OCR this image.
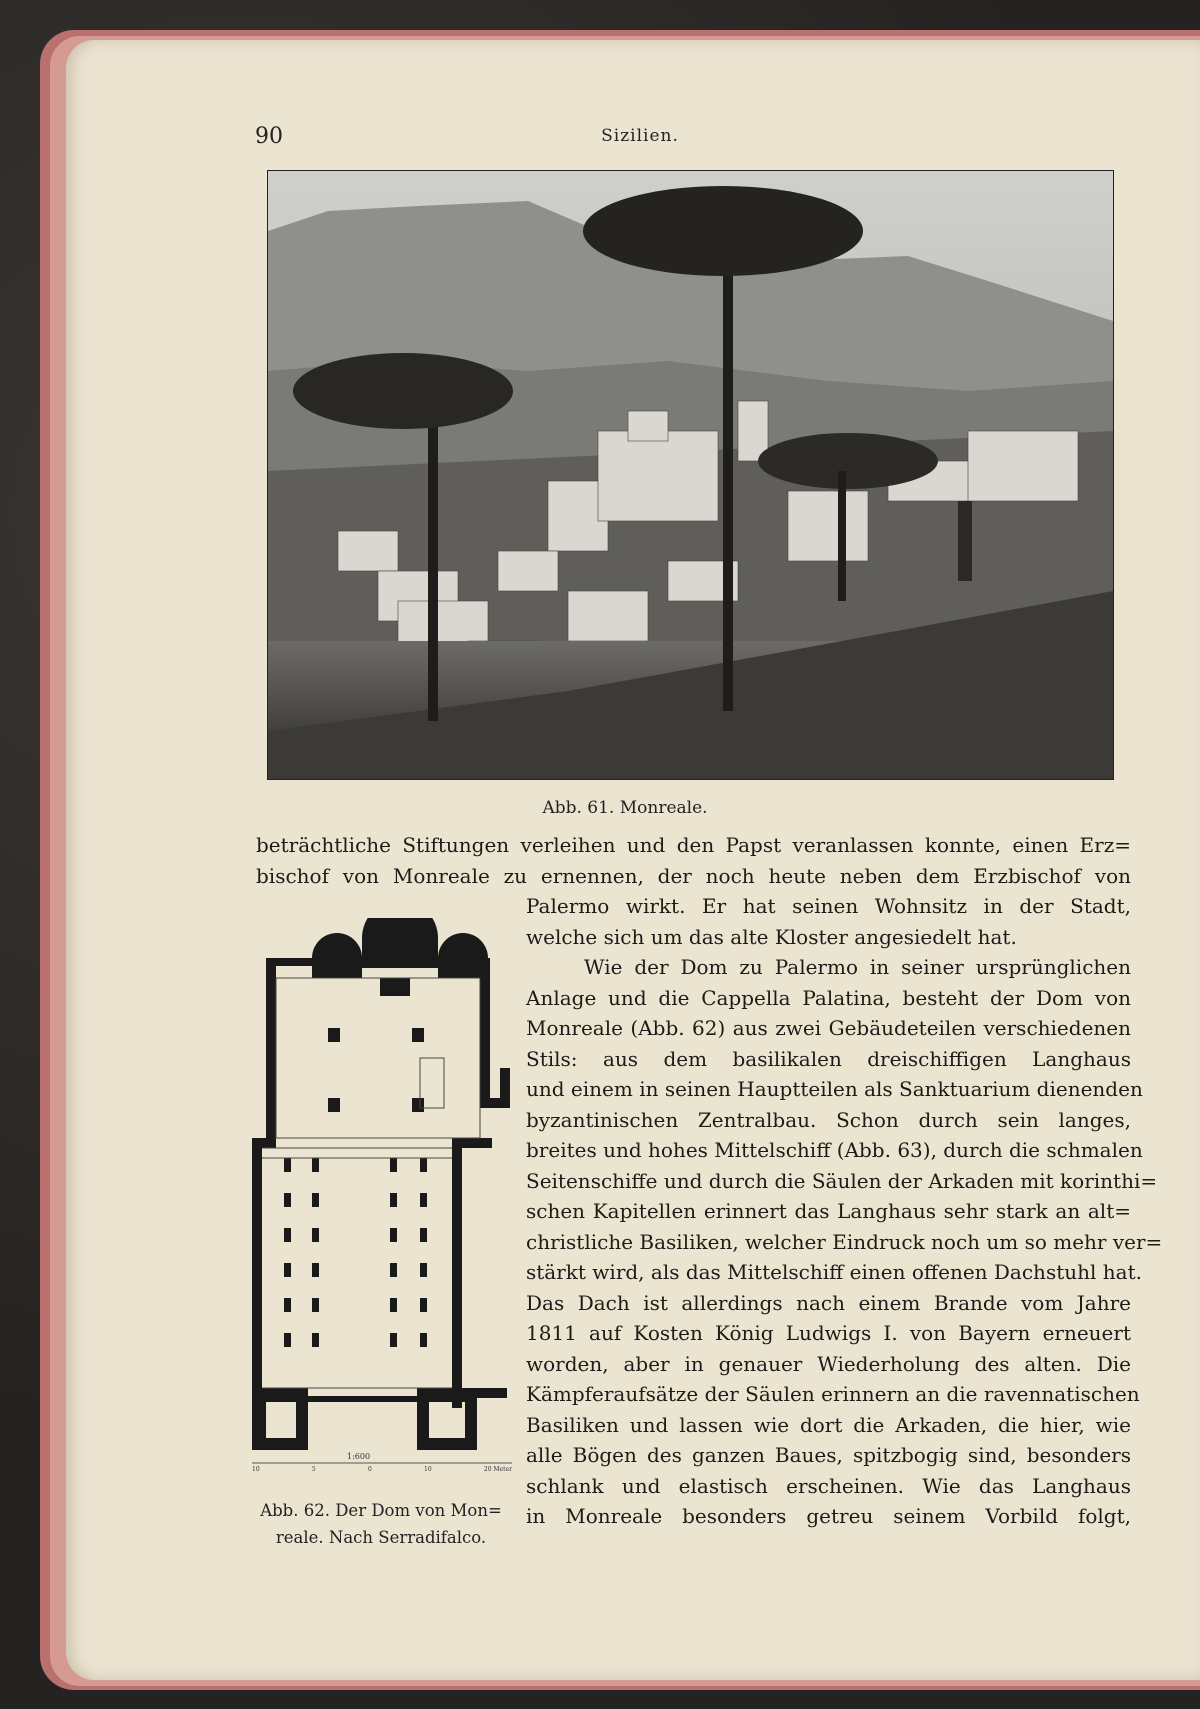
90	Sizilien.
Abb. 61. Monreale.
beträchtliche Stiftungen verleihen und den Papst veranlassen konnte, einen Erz=
bischof von Monreale zu ernennen, der noch heute neben dem Erzbischof von
Palermo wirkt. Er hat seinen Wohnsitz in der Stadt,
welche sich um das alte Kloster angesiedelt hat.
Wie der Dom zu Palermo in seiner ursprünglichen
Anlage und die Cappella Palatina, besteht der Dom von
Monreale (Abb. 62) aus zwei Gebäudeteilen verschiedenen
Stils: aus dem basilikalen dreischiffigen Langhaus
und einem in seinen Hauptteilen als Sanktuarium dienenden
byzantinischen Zentralbau. Schon durch sein langes,
breites und hohes Mittelschiff (Abb. 63), durch die schmalen
Seitenschiffe und durch die Säulen der Arkaden mit korinthi=
schen Kapitellen erinnert das Langhaus sehr stark an alt=
christliche Basiliken, welcher Eindruck noch um so mehr ver=
stärkt wird, als das Mittelschiff einen offenen Dachstuhl hat.
Das Dach ist allerdings nach einem Brande vom Jahre
1811 auf Kosten König Ludwigs I. von Bayern erneuert
worden, aber in genauer Wiederholung des alten. Die
Kämpferaufsätze der Säulen erinnern an die ravennatischen
Basiliken und lassen wie dort die Arkaden, die hier, wie
alle Bögen des ganzen Baues, spitzbogig sind, besonders
schlank und elastisch erscheinen. Wie das Langhaus
in Monreale besonders getreu seinem Vorbild folgt,
1:600
10	5	0	10	20 Meter
Abb. 62. Der Dom von Mon=
reale. Nach Serradifalco.
